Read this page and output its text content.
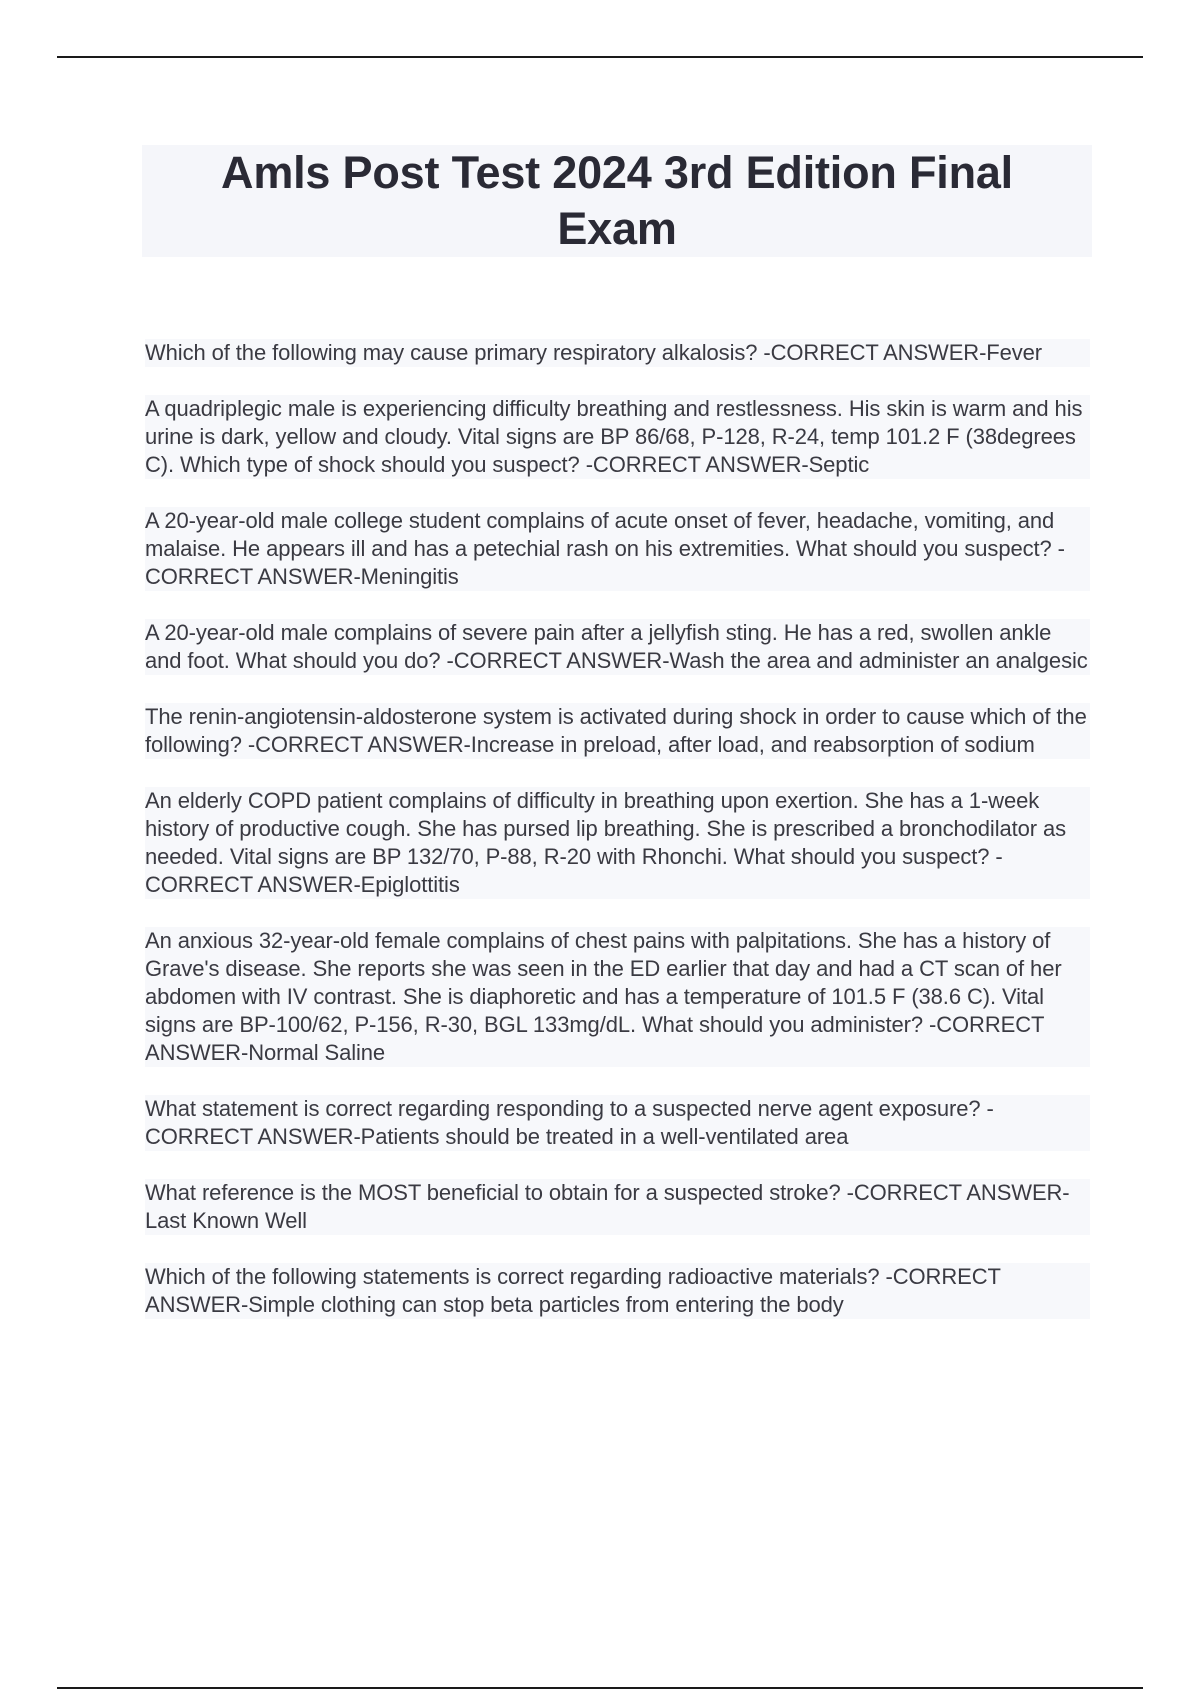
Amls Post Test 2024 3rd Edition Final Exam

Which of the following may cause primary respiratory alkalosis? -CORRECT ANSWER-Fever

A quadriplegic male is experiencing difficulty breathing and restlessness. His skin is warm and his urine is dark, yellow and cloudy. Vital signs are BP 86/68, P-128, R-24, temp 101.2 F (38degrees C). Which type of shock should you suspect? -CORRECT ANSWER-Septic

A 20-year-old male college student complains of acute onset of fever, headache, vomiting, and malaise. He appears ill and has a petechial rash on his extremities. What should you suspect? -CORRECT ANSWER-Meningitis

A 20-year-old male complains of severe pain after a jellyfish sting. He has a red, swollen ankle and foot. What should you do? -CORRECT ANSWER-Wash the area and administer an analgesic

The renin-angiotensin-aldosterone system is activated during shock in order to cause which of the following? -CORRECT ANSWER-Increase in preload, after load, and reabsorption of sodium

An elderly COPD patient complains of difficulty in breathing upon exertion. She has a 1-week history of productive cough. She has pursed lip breathing. She is prescribed a bronchodilator as needed. Vital signs are BP 132/70, P-88, R-20 with Rhonchi. What should you suspect? -CORRECT ANSWER-Epiglottitis

An anxious 32-year-old female complains of chest pains with palpitations. She has a history of Grave's disease. She reports she was seen in the ED earlier that day and had a CT scan of her abdomen with IV contrast. She is diaphoretic and has a temperature of 101.5 F (38.6 C). Vital signs are BP-100/62, P-156, R-30, BGL 133mg/dL. What should you administer? -CORRECT ANSWER-Normal Saline

What statement is correct regarding responding to a suspected nerve agent exposure? -CORRECT ANSWER-Patients should be treated in a well-ventilated area

What reference is the MOST beneficial to obtain for a suspected stroke? -CORRECT ANSWER-Last Known Well

Which of the following statements is correct regarding radioactive materials? -CORRECT ANSWER-Simple clothing can stop beta particles from entering the body
